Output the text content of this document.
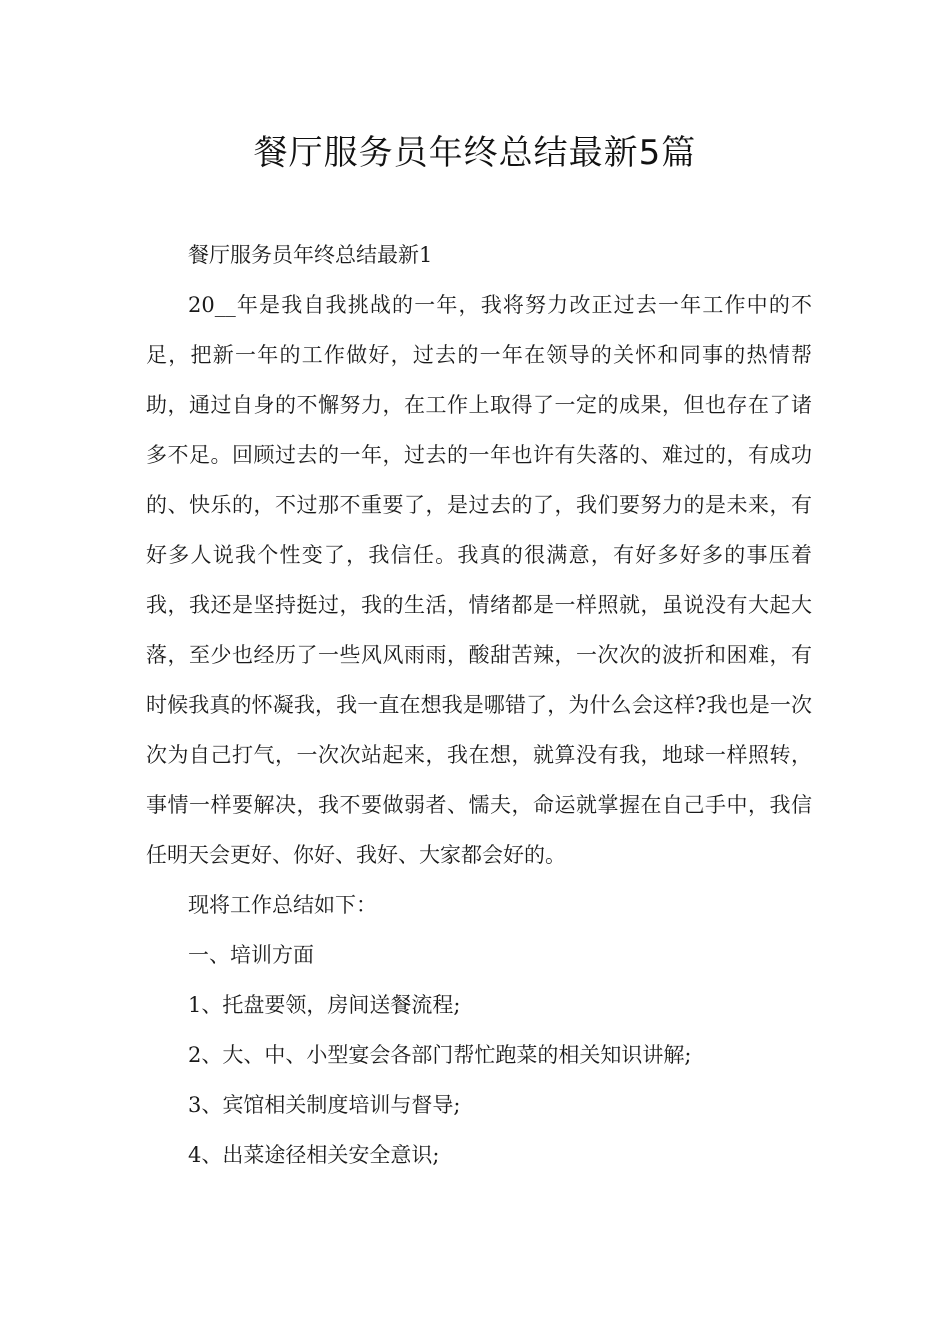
餐厅服务员年终总结最新5篇

餐厅服务员年终总结最新1

20__年是我自我挑战的一年，我将努力改正过去一年工作中的不足，把新一年的工作做好，过去的一年在领导的关怀和同事的热情帮助，通过自身的不懈努力，在工作上取得了一定的成果，但也存在了诸多不足。回顾过去的一年，过去的一年也许有失落的、难过的，有成功的、快乐的，不过那不重要了，是过去的了，我们要努力的是未来，有好多人说我个性变了，我信任。我真的很满意，有好多好多的事压着我，我还是坚持挺过，我的生活，情绪都是一样照就，虽说没有大起大落，至少也经历了一些风风雨雨，酸甜苦辣，一次次的波折和困难，有时候我真的怀凝我，我一直在想我是哪错了，为什么会这样?我也是一次次为自己打气，一次次站起来，我在想，就算没有我，地球一样照转，事情一样要解决，我不要做弱者、懦夫，命运就掌握在自己手中，我信任明天会更好、你好、我好、大家都会好的。

现将工作总结如下：

一、培训方面

1、托盘要领，房间送餐流程;

2、大、中、小型宴会各部门帮忙跑菜的相关知识讲解;

3、宾馆相关制度培训与督导;

4、出菜途径相关安全意识;
